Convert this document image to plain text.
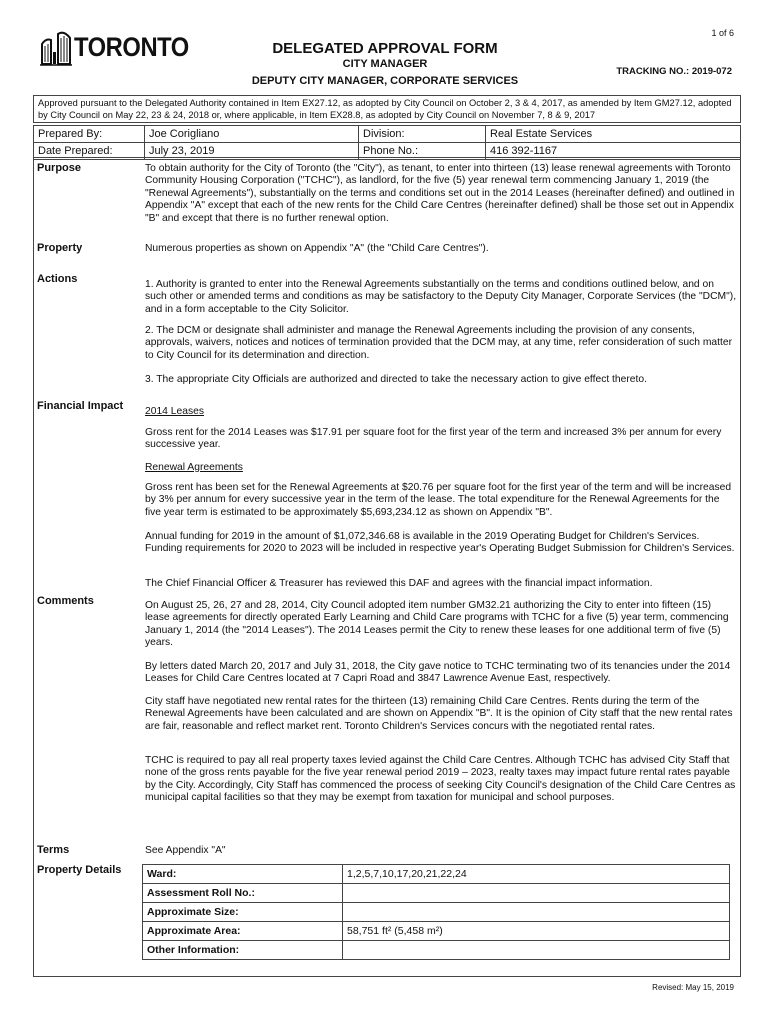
1 of 6
TORONTO	DELEGATED APPROVAL FORM
CITY MANAGER
DEPUTY CITY MANAGER, CORPORATE SERVICES
TRACKING NO.: 2019-072
Approved pursuant to the Delegated Authority contained in Item EX27.12, as adopted by City Council on October 2, 3 & 4, 2017, as amended by Item GM27.12, adopted by City Council on May 22, 23 & 24, 2018 or, where applicable, in Item EX28.8, as adopted by City Council on November 7, 8 & 9, 2017
Prepared By:	Joe Corigliano	Division:	Real Estate Services
Date Prepared:	July 23, 2019	Phone No.:	416 392-1167
Purpose	To obtain authority for the City of Toronto (the "City"), as tenant, to enter into thirteen (13) lease renewal agreements with Toronto Community Housing Corporation ("TCHC"), as landlord, for the five (5) year renewal term commencing January 1, 2019 (the "Renewal Agreements"), substantially on the terms and conditions set out in the 2014 Leases (hereinafter defined) and outlined in Appendix "A" except that each of the new rents for the Child Care Centres (hereinafter defined) shall be those set out in Appendix "B" and except that there is no further renewal option.
Property	Numerous properties as shown on Appendix "A" (the "Child Care Centres").
Actions	1. Authority is granted to enter into the Renewal Agreements substantially on the terms and conditions outlined below, and on such other or amended terms and conditions as may be satisfactory to the Deputy City Manager, Corporate Services (the "DCM"), and in a form acceptable to the City Solicitor.
2. The DCM or designate shall administer and manage the Renewal Agreements including the provision of any consents, approvals, waivers, notices and notices of termination provided that the DCM may, at any time, refer consideration of such matter to City Council for its determination and direction.
3. The appropriate City Officials are authorized and directed to take the necessary action to give effect thereto.
Financial Impact 2014 Leases
Gross rent for the 2014 Leases was $17.91 per square foot for the first year of the term and increased 3% per annum for every successive year.
Renewal Agreements
Gross rent has been set for the Renewal Agreements at $20.76 per square foot for the first year of the term and will be increased by 3% per annum for every successive year in the term of the lease. The total expenditure for the Renewal Agreements for the five year term is estimated to be approximately $5,693,234.12 as shown on Appendix "B".
Annual funding for 2019 in the amount of $1,072,346.68 is available in the 2019 Operating Budget for Children's Services. Funding requirements for 2020 to 2023 will be included in respective year's Operating Budget Submission for Children's Services.
The Chief Financial Officer & Treasurer has reviewed this DAF and agrees with the financial impact information.
Comments	On August 25, 26, 27 and 28, 2014, City Council adopted item number GM32.21 authorizing the City to enter into fifteen (15) lease agreements for directly operated Early Learning and Child Care programs with TCHC for a five (5) year term, commencing January 1, 2014 (the "2014 Leases"). The 2014 Leases permit the City to renew these leases for one additional term of five (5) years.
By letters dated March 20, 2017 and July 31, 2018, the City gave notice to TCHC terminating two of its tenancies under the 2014 Leases for Child Care Centres located at 7 Capri Road and 3847 Lawrence Avenue East, respectively.
City staff have negotiated new rental rates for the thirteen (13) remaining Child Care Centres. Rents during the term of the Renewal Agreements have been calculated and are shown on Appendix "B". It is the opinion of City staff that the new rental rates are fair, reasonable and reflect market rent. Toronto Children's Services concurs with the negotiated rental rates.
TCHC is required to pay all real property taxes levied against the Child Care Centres. Although TCHC has advised City Staff that none of the gross rents payable for the five year renewal period 2019 – 2023, realty taxes may impact future rental rates payable by the City. Accordingly, City Staff has commenced the process of seeking City Council's designation of the Child Care Centres as municipal capital facilities so that they may be exempt from taxation for municipal and school purposes.
Terms	See Appendix "A"
Property Details Ward:	1,2,5,7,10,17,20,21,22,24
Assessment Roll No.:	
Approximate Size:	
Approximate Area:	58,751 ft² (5,458 m²)
Other Information:	
Revised: May 15, 2019
